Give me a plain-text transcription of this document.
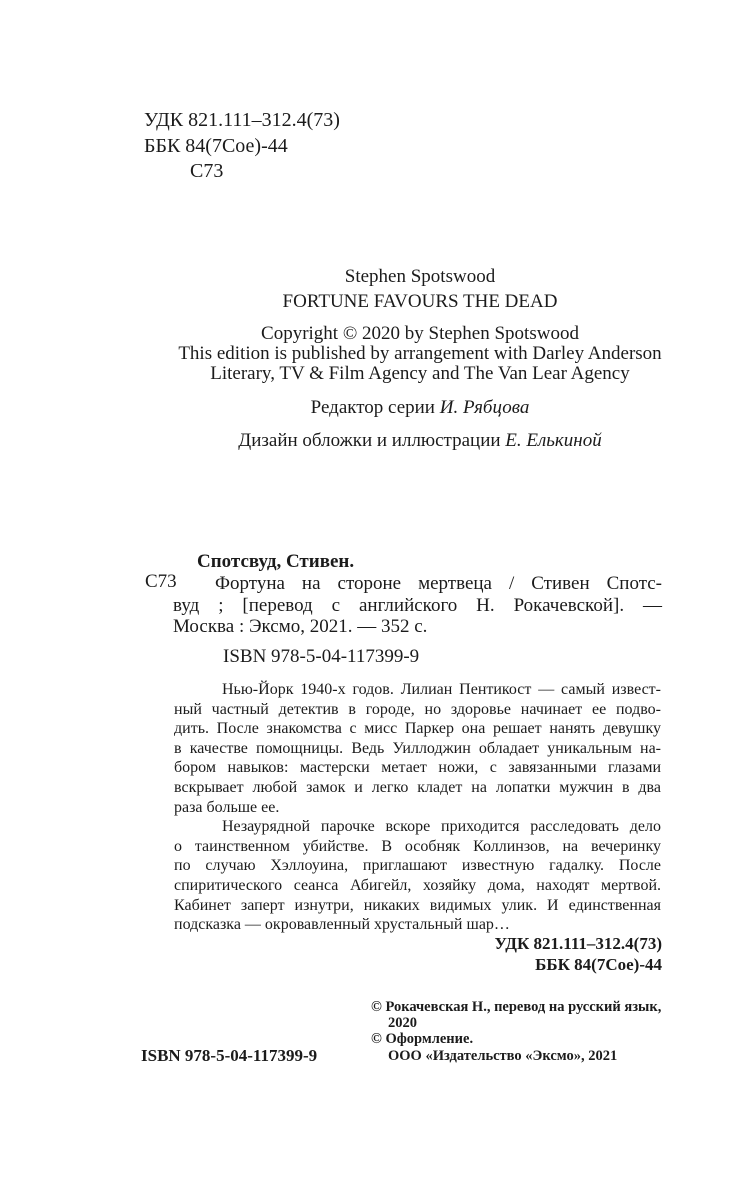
УДК 821.111–312.4(73)
ББК 84(7Сое)-44
С73
Stephen Spotswood
FORTUNE FAVOURS THE DEAD
Copyright © 2020 by Stephen Spotswood
This edition is published by arrangement with Darley Anderson
Literary, TV & Film Agency and The Van Lear Agency
Редактор серии И. Рябцова
Дизайн обложки и иллюстрации Е. Елькиной
С73
Спотсвуд, Стивен.
Фортуна на стороне мертвеца / Стивен Спотс-
вуд ; [перевод с английского Н. Рокачевской]. —
Москва : Эксмо, 2021. — 352 с.
ISBN 978-5-04-117399-9
Нью-Йорк 1940-х годов. Лилиан Пентикост — самый извест-
ный частный детектив в городе, но здоровье начинает ее подво-
дить. После знакомства с мисс Паркер она решает нанять девушку
в качестве помощницы. Ведь Уиллоджин обладает уникальным на-
бором навыков: мастерски метает ножи, с завязанными глазами
вскрывает любой замок и легко кладет на лопатки мужчин в два
раза больше ее.
Незаурядной парочке вскоре приходится расследовать дело
о таинственном убийстве. В особняк Коллинзов, на вечеринку
по случаю Хэллоуина, приглашают известную гадалку. После
спиритического сеанса Абигейл, хозяйку дома, находят мертвой.
Кабинет заперт изнутри, никаких видимых улик. И единственная
подсказка — окровавленный хрустальный шар…
УДК 821.111–312.4(73)
ББК 84(7Сое)-44
© Рокачевская Н., перевод на русский язык,
2020
© Оформление.
ООО «Издательство «Эксмо», 2021
ISBN 978-5-04-117399-9
